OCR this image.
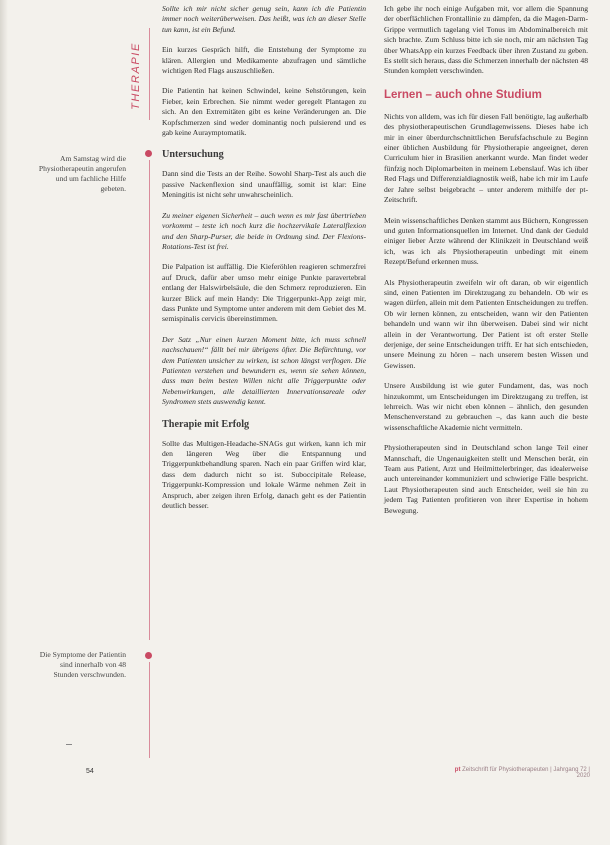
Am Samstag wird die Physiotherapeutin angerufen und um fachliche Hilfe gebeten.
Die Symptome der Patientin sind innerhalb von 48 Stunden verschwunden.
THERAPIE

Sollte ich mir nicht sicher genug sein, kann ich die Patientin immer noch weiterüberweisen. Das heißt, was ich an dieser Stelle tun kann, ist ein Befund.

Ein kurzes Gespräch hilft, die Entstehung der Symptome zu klären. Allergien und Medikamente abzufragen und sämtliche wichtigen Red Flags auszuschließen.

Die Patientin hat keinen Schwindel, keine Sehstörungen, kein Fieber, kein Erbrechen. Sie nimmt weder geregelt Plantagen zu sich. An den Extremitäten gibt es keine Veränderungen an. Die Kopfschmerzen sind weder dominantig noch pulsierend und es gab keine Auraymptomatik.

Untersuchung

Dann sind die Tests an der Reihe. Sowohl Sharp-Test als auch die passive Nackenflexion sind unauffällig, somit ist klar: Eine Meningitis ist nicht sehr unwahrscheinlich.

Zu meiner eigenen Sicherheit – auch wenn es mir fast übertrieben vorkommt – teste ich noch kurz die hochzervikale Lateralflexion und den Sharp-Purser, die beide in Ordnung sind. Der Flexions-Rotations-Test ist frei.

Die Palpation ist auffällig. Die Kieferöhlen reagieren schmerzfrei auf Druck, dafür aber umso mehr einige Punkte paravertebral entlang der Halswirbelsäule, die den Schmerz reproduzieren. Ein kurzer Blick auf mein Handy: Die Triggerpunkt-App zeigt mir, dass Punkte und Symptome unter anderem mit dem Gebiet des M. semispinalis cervicis übereinstimmen.

Der Satz „Nur einen kurzen Moment bitte, ich muss schnell nachschauen!“ fällt bei mir übrigens öfter. Die Befürchtung, vor dem Patienten unsicher zu wirken, ist schon längst verflogen. Die Patienten verstehen und bewundern es, wenn sie sehen können, dass man beim besten Willen nicht alle Triggerpunkte oder Nebenwirkungen, alle detaillierten Innervationsareale oder Syndromen stets auswendig kennt.

Therapie mit Erfolg

Sollte das Multigen-Headache-SNAGs gut wirken, kann ich mir den längeren Weg über die Entspannung und Triggerpunktbehandlung sparen. Nach ein paar Griffen wird klar, dass dem dadurch nicht so ist. Suboccipitale Release, Triggerpunkt-Kompression und lokale Wärme nehmen Zeit in Anspruch, aber zeigen ihren Erfolg, danach geht es der Patientin deutlich besser.

Ich gebe ihr noch einige Aufgaben mit, vor allem die Spannung der oberflächlichen Frontallinie zu dämpfen, da die Magen-Darm-Grippe vermutlich tagelang viel Tonus im Abdominalbereich mit sich brachte. Zum Schluss bitte ich sie noch, mir am nächsten Tag über WhatsApp ein kurzes Feedback über ihren Zustand zu geben. Es stellt sich heraus, dass die Schmerzen innerhalb der nächsten 48 Stunden komplett verschwinden.

Lernen – auch ohne Studium

Nichts von alldem, was ich für diesen Fall benötigte, lag außerhalb des physiotherapeutischen Grundlagenwissens. Dieses habe ich mir in einer überdurchschnittlichen Berufsfachschule zu Beginn einer üblichen Ausbildung für Physiotherapie angeeignet, deren Curriculum hier in Brasilien anerkannt wurde. Man findet weder fünfzig noch Diplomarbeiten in meinem Lebenslauf. Was ich über Red Flags und Differenzialdiagnostik weiß, habe ich mir im Laufe der Jahre selbst beigebracht – unter anderem mithilfe der pt-Zeitschrift.

Mein wissenschaftliches Denken stammt aus Büchern, Kongressen und guten Informationsquellen im Internet. Und dank der Geduld einiger lieber Ärzte während der Klinikzeit in Deutschland weiß ich, was ich als Physiotherapeutin unbedingt mit einem Rezept/Befund erkennen muss.

Als Physiotherapeutin zweifeln wir oft daran, ob wir eigentlich sind, einen Patienten im Direktzugang zu behandeln. Ob wir es wagen dürfen, allein mit dem Patienten Entscheidungen zu treffen. Ob wir lernen können, zu entscheiden, wann wir den Patienten behandeln und wann wir ihn überweisen. Dabei sind wir nicht allein in der Verantwortung. Der Patient ist oft erster Stelle derjenige, der seine Entscheidungen trifft. Er hat sich entschieden, unsere Meinung zu hören – nach unserem besten Wissen und Gewissen.

Unsere Ausbildung ist wie guter Fundament, das, was noch hinzukommt, um Entscheidungen im Direktzugang zu treffen, ist lehrreich. Was wir nicht eben können – ähnlich, den gesunden Menschenverstand zu gebrauchen –, das kann auch die beste wissenschaftliche Akademie nicht vermitteln.

Physiotherapeuten sind in Deutschland schon lange Teil einer Mannschaft, die Ungenauigkeiten stellt und Menschen berät, ein Team aus Patient, Arzt und Heilmittelerbringer, das idealerweise auch untereinander kommuniziert und schwierige Fälle bespricht. Laut Physiotherapeuten sind auch Entscheider, weil sie hin zu jedem Tag Patienten profitieren von ihrer Expertise in hohem Bewegung.

54	pt Zeitschrift für Physiotherapeuten | Jahrgang 72 | 2020
